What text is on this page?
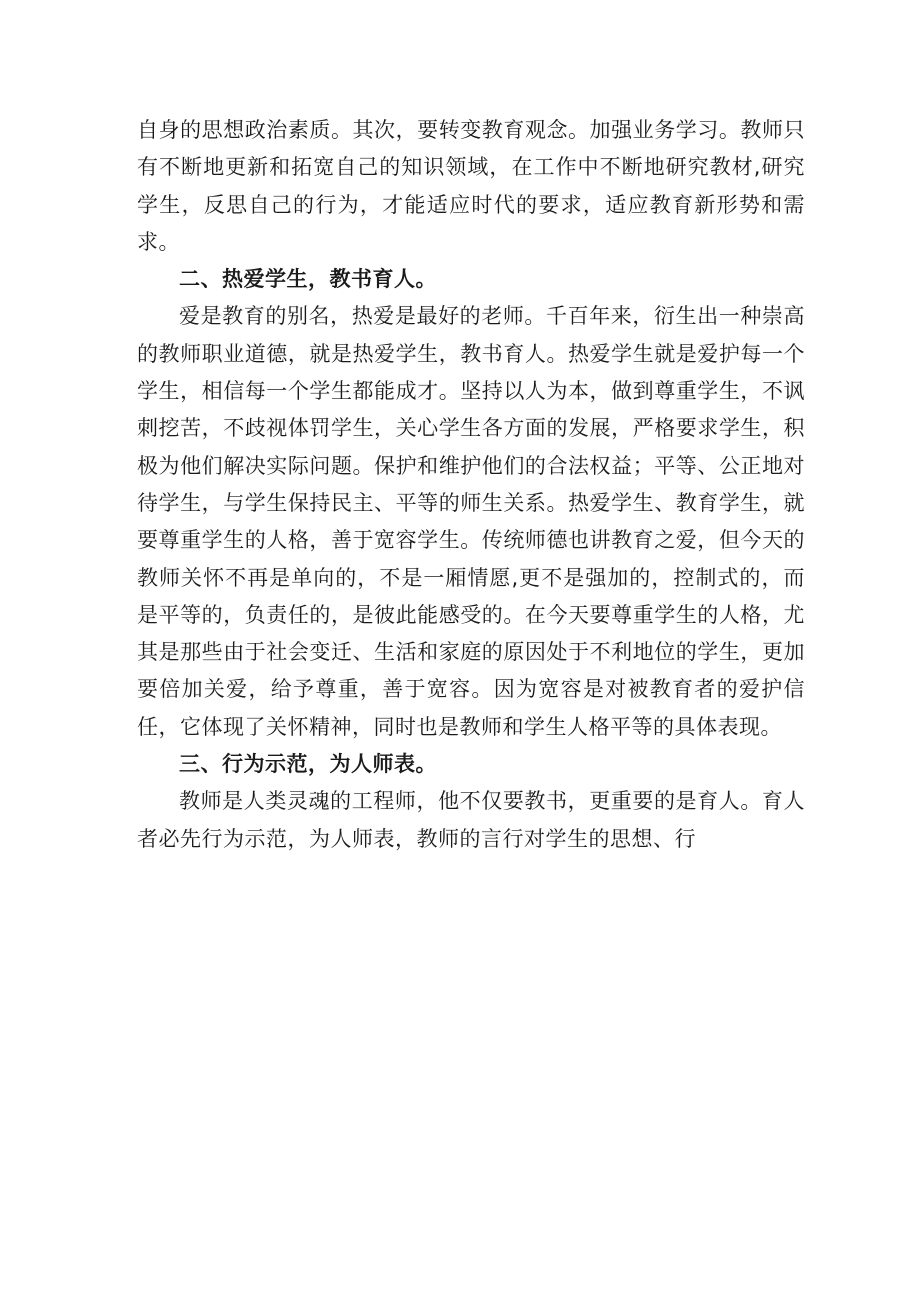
自身的思想政治素质。其次，要转变教育观念。加强业务学习。教师只有不断地更新和拓宽自己的知识领域，在工作中不断地研究教材,研究学生，反思自己的行为，才能适应时代的要求，适应教育新形势和需求。

二、热爱学生，教书育人。

爱是教育的别名，热爱是最好的老师。千百年来，衍生出一种崇高的教师职业道德，就是热爱学生，教书育人。热爱学生就是爱护每一个学生，相信每一个学生都能成才。坚持以人为本，做到尊重学生，不讽刺挖苦，不歧视体罚学生，关心学生各方面的发展，严格要求学生，积极为他们解决实际问题。保护和维护他们的合法权益；平等、公正地对待学生，与学生保持民主、平等的师生关系。热爱学生、教育学生，就要尊重学生的人格，善于宽容学生。传统师德也讲教育之爱，但今天的教师关怀不再是单向的，不是一厢情愿,更不是强加的，控制式的，而是平等的，负责任的，是彼此能感受的。在今天要尊重学生的人格，尤其是那些由于社会变迁、生活和家庭的原因处于不利地位的学生，更加要倍加关爱，给予尊重，善于宽容。因为宽容是对被教育者的爱护信任，它体现了关怀精神，同时也是教师和学生人格平等的具体表现。

三、行为示范，为人师表。

教师是人类灵魂的工程师，他不仅要教书，更重要的是育人。育人者必先行为示范，为人师表，教师的言行对学生的思想、行
